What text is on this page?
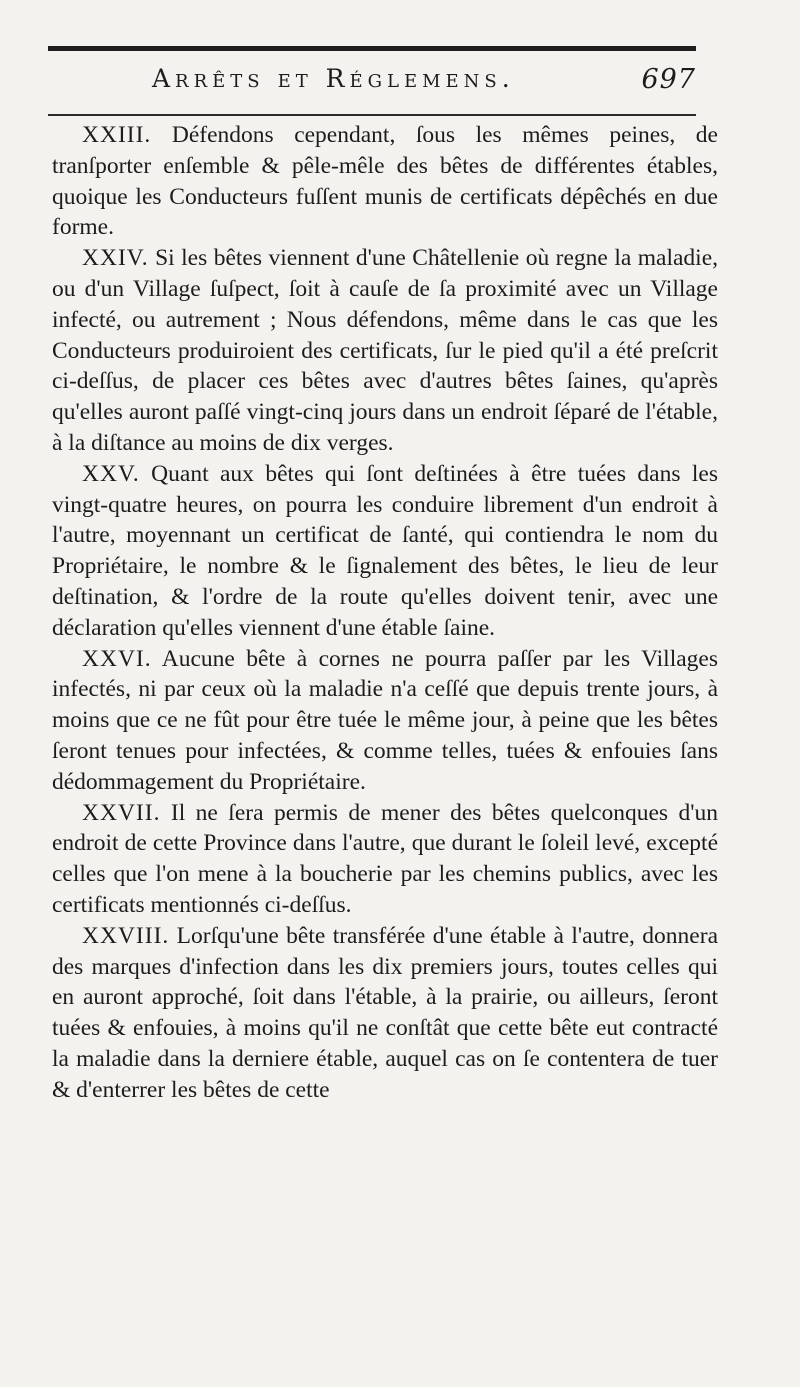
Arrêts et Réglemens.	697

XXIII. Défendons cependant, ſous les mêmes peines, de tranſporter enſemble & pêle-mêle des bêtes de différentes étables, quoique les Conducteurs fuſſent munis de certificats dépêchés en due forme.

XXIV. Si les bêtes viennent d'une Châtellenie où regne la maladie, ou d'un Village ſuſpect, ſoit à cauſe de ſa proximité avec un Village infecté, ou autrement ; Nous défendons, même dans le cas que les Conducteurs produiroient des certificats, ſur le pied qu'il a été preſcrit ci-deſſus, de placer ces bêtes avec d'autres bêtes ſaines, qu'après qu'elles auront paſſé vingt-cinq jours dans un endroit ſéparé de l'étable, à la diſtance au moins de dix verges.

XXV. Quant aux bêtes qui ſont deſtinées à être tuées dans les vingt-quatre heures, on pourra les conduire librement d'un endroit à l'autre, moyennant un certificat de ſanté, qui contiendra le nom du Propriétaire, le nombre & le ſignalement des bêtes, le lieu de leur deſtination, & l'ordre de la route qu'elles doivent tenir, avec une déclaration qu'elles viennent d'une étable ſaine.

XXVI. Aucune bête à cornes ne pourra paſſer par les Villages infectés, ni par ceux où la maladie n'a ceſſé que depuis trente jours, à moins que ce ne fût pour être tuée le même jour, à peine que les bêtes ſeront tenues pour infectées, & comme telles, tuées & enfouies ſans dédommagement du Propriétaire.

XXVII. Il ne ſera permis de mener des bêtes quelconques d'un endroit de cette Province dans l'autre, que durant le ſoleil levé, excepté celles que l'on mene à la boucherie par les chemins publics, avec les certificats mentionnés ci-deſſus.

XXVIII. Lorſqu'une bête transférée d'une étable à l'autre, donnera des marques d'infection dans les dix premiers jours, toutes celles qui en auront approché, ſoit dans l'étable, à la prairie, ou ailleurs, ſeront tuées & enfouies, à moins qu'il ne conſtât que cette bête eut contracté la maladie dans la derniere étable, auquel cas on ſe contentera de tuer & d'enterrer les bêtes de cette
